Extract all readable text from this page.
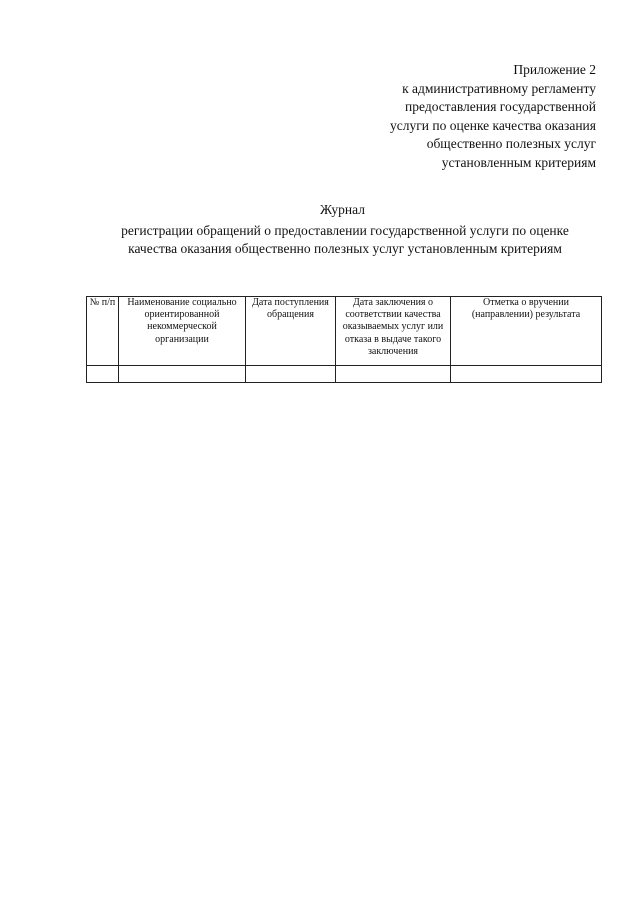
Приложение 2
к административному регламенту
предоставления государственной
услуги по оценке качества оказания
общественно полезных услуг
установленным критериям
Журнал
регистрации обращений о предоставлении государственной услуги по оценке
качества оказания общественно полезных услуг установленным критериям
№ п/п	Наименование социально ориентированной некоммерческой организации	Дата поступления обращения	Дата заключения о соответствии качества оказываемых услуг или отказа в выдаче такого заключения	Отметка о вручении (направлении) результата
